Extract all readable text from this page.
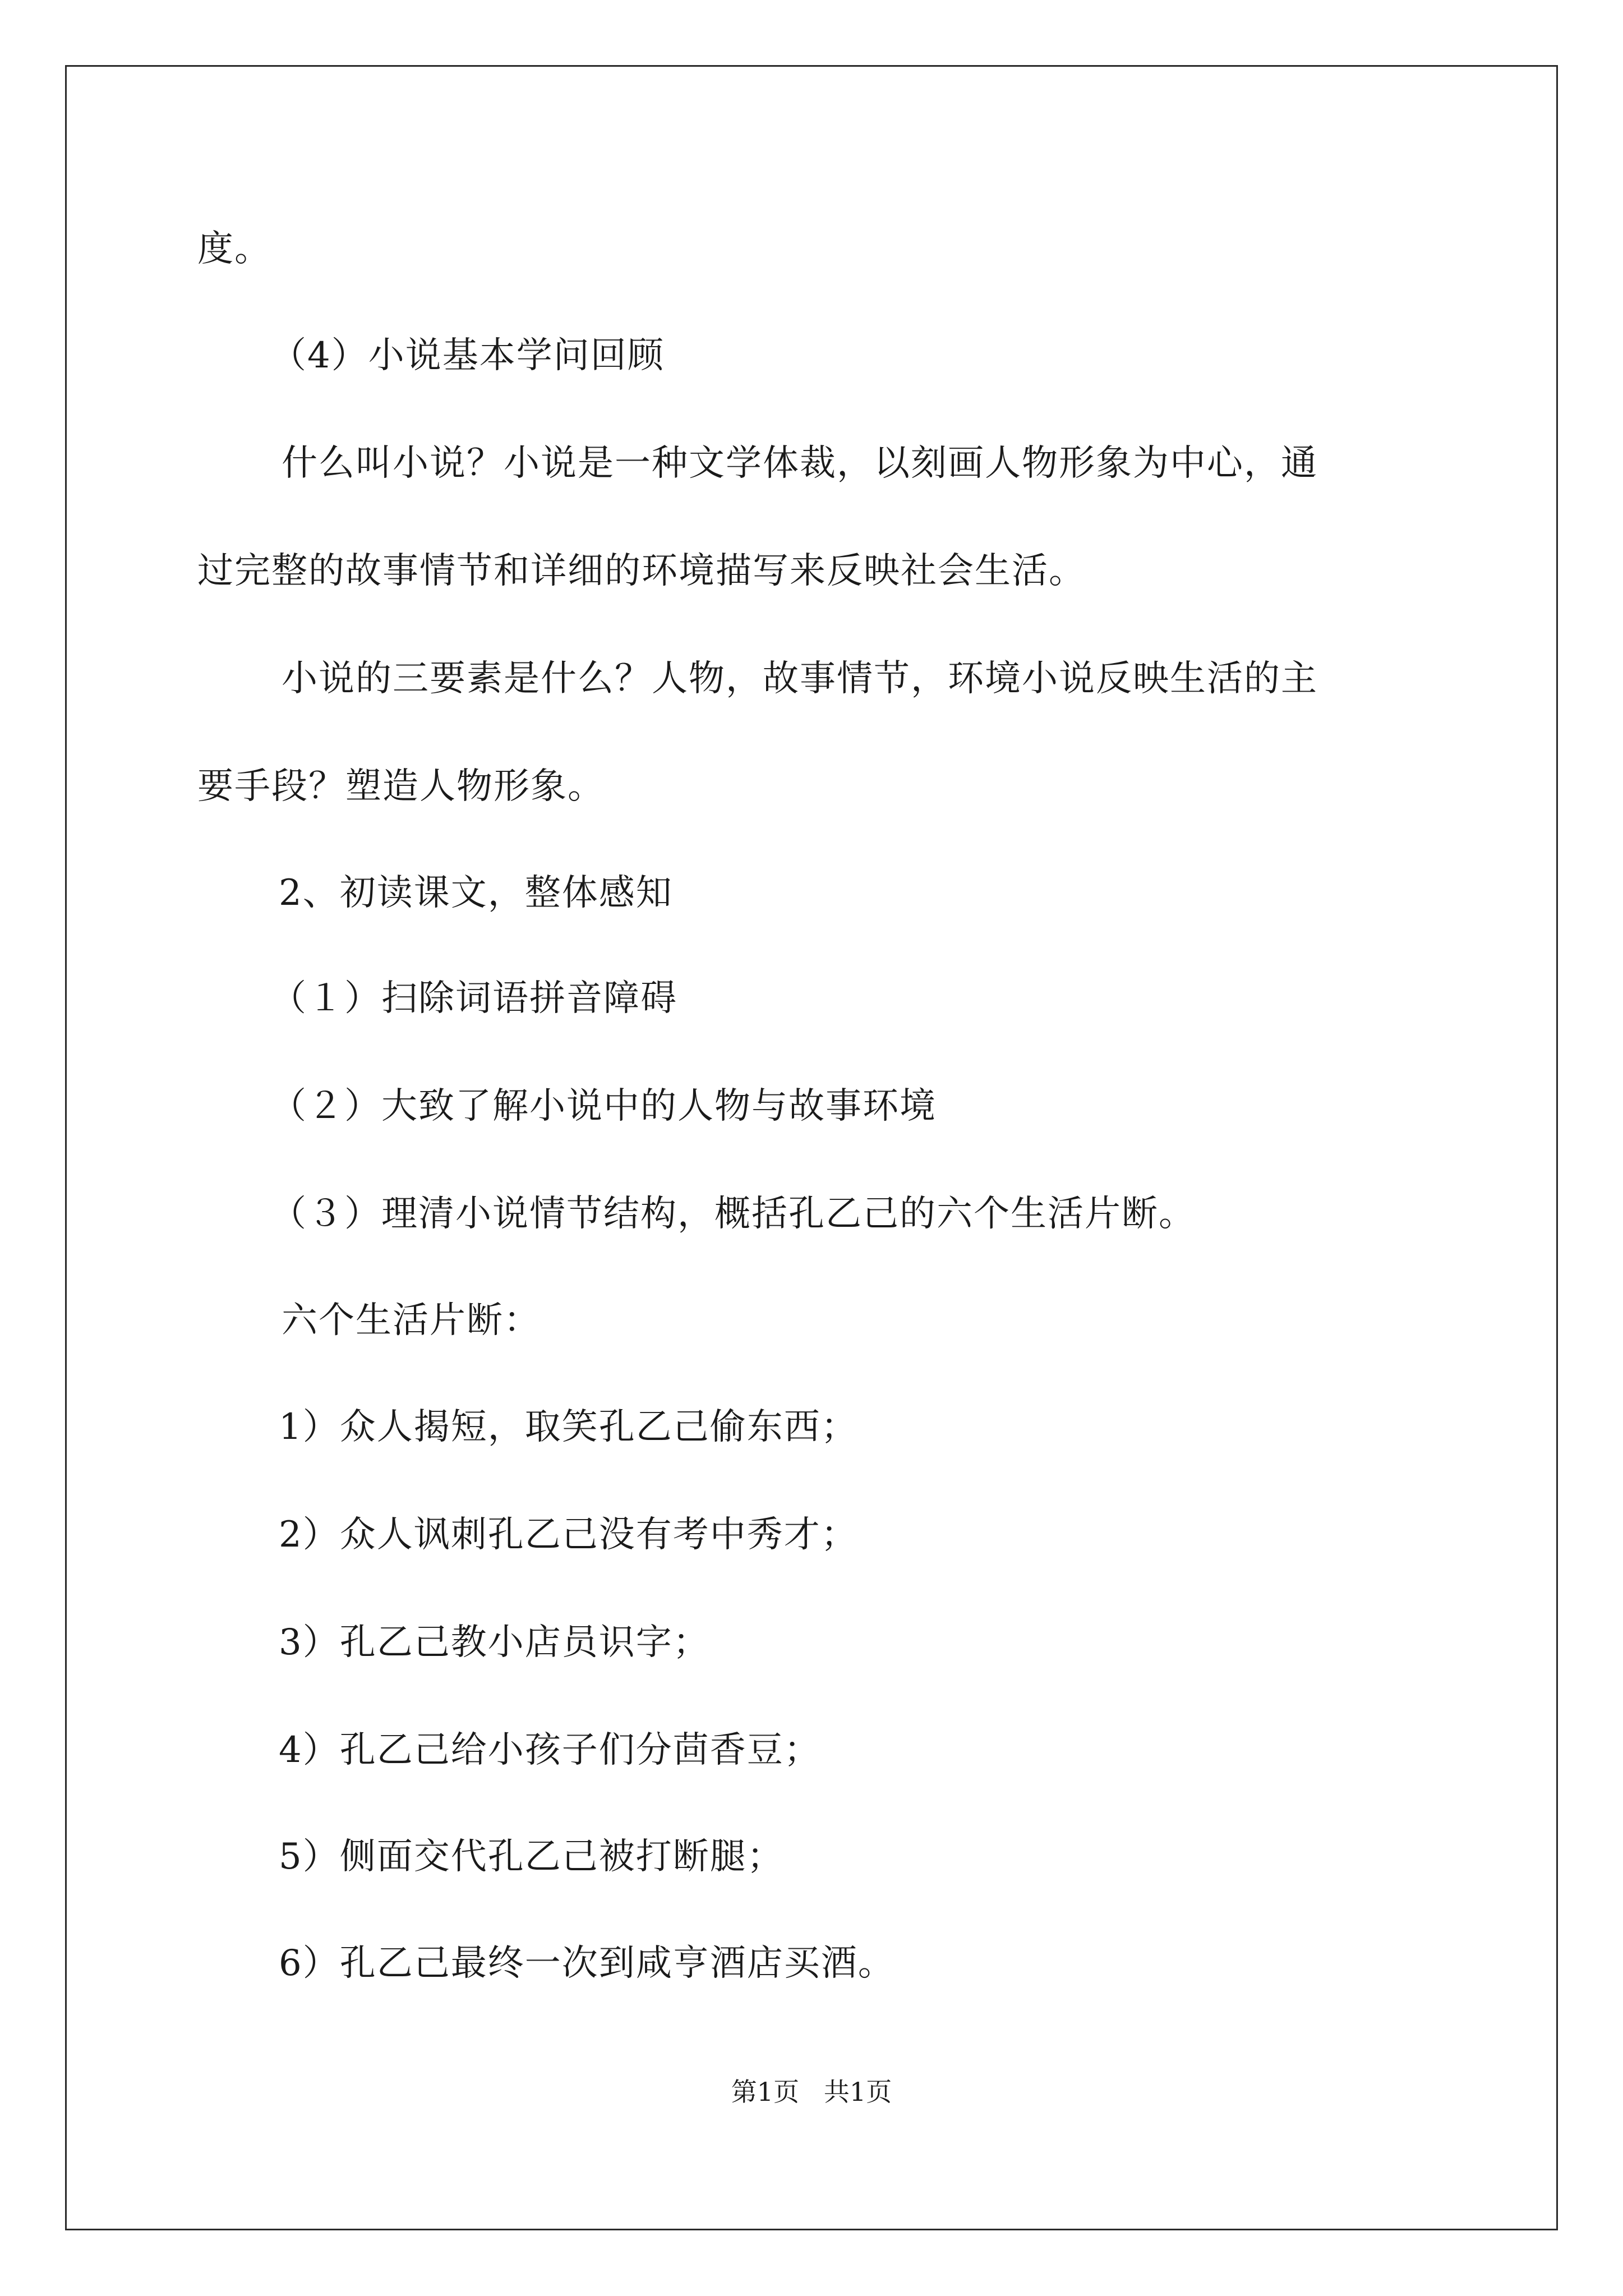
度。
（4）小说基本学问回顾
什么叫小说？小说是一种文学体裁，以刻画人物形象为中心，通
过完整的故事情节和详细的环境描写来反映社会生活。
小说的三要素是什么？人物，故事情节，环境小说反映生活的主
要手段？塑造人物形象。
2、初读课文，整体感知
（１）扫除词语拼音障碍
（２）大致了解小说中的人物与故事环境
（３）理清小说情节结构，概括孔乙己的六个生活片断。
六个生活片断：
1）众人揭短，取笑孔乙己偷东西；
2）众人讽刺孔乙己没有考中秀才；
3）孔乙己教小店员识字；
4）孔乙己给小孩子们分茴香豆；
5）侧面交代孔乙己被打断腿；
6）孔乙己最终一次到咸亨酒店买酒。
第1页   共1页
